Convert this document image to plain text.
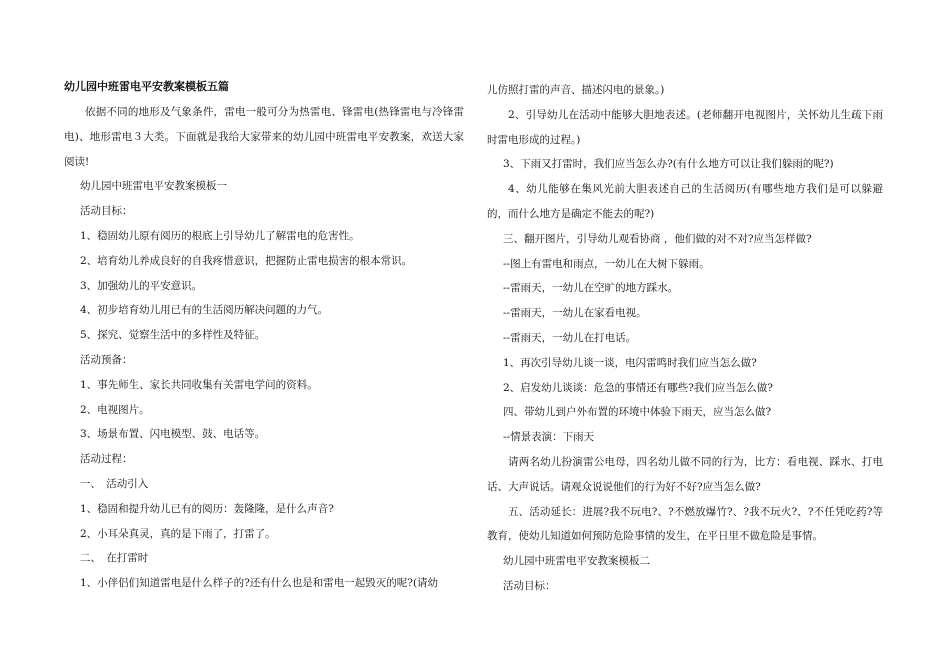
幼儿园中班雷电平安教案模板五篇

依据不同的地形及气象条件，雷电一般可分为热雷电、锋雷电(热锋雷电与冷锋雷电)、地形雷电３大类。下面就是我给大家带来的幼儿园中班雷电平安教案，欢送大家阅读!

幼儿园中班雷电平安教案模板一

活动目标：

1、稳固幼儿原有阅历的根底上引导幼儿了解雷电的危害性。

2、培育幼儿养成良好的自我疼惜意识，把握防止雷电损害的根本常识。

3、加强幼儿的平安意识。

4、初步培育幼儿用已有的生活阅历解决问题的力气。

5、探究、觉察生活中的多样性及特征。

活动预备：

1、事先师生、家长共同收集有关雷电学问的资料。

2、电视图片。

3、场景布置、闪电模型、鼓、电话等。

活动过程：

一、　活动引入

1、稳固和提升幼儿已有的阅历：轰隆隆，是什么声音?

2、小耳朵真灵，真的是下雨了，打雷了。

二、　在打雷时

1、小伴侣们知道雷电是什么样子的?还有什么也是和雷电一起毁灭的呢?(请幼

儿仿照打雷的声音、描述闪电的景象。)

2、引导幼儿在活动中能够大胆地表述。(老师翻开电视图片，关怀幼儿生疏下雨时雷电形成的过程。)

3、下雨又打雷时，我们应当怎么办?(有什么地方可以让我们躲雨的呢?)

4、幼儿能够在集风光前大胆表述自己的生活阅历(有哪些地方我们是可以躲避的，而什么地方是确定不能去的呢?)

三、翻开图片，引导幼儿观看协商 ，他们做的对不对?应当怎样做?

--图上有雷电和雨点，一幼儿在大树下躲雨。

--雷雨天，一幼儿在空旷的地方踩水。

--雷雨天，一幼儿在家看电视。

--雷雨天，一幼儿在打电话。

1、再次引导幼儿谈一谈，电闪雷鸣时我们应当怎么做?

2、启发幼儿谈谈：危急的事情还有哪些?我们应当怎么做?

四、带幼儿到户外布置的环境中体验下雨天，应当怎么做?

--情景表演：下雨天

请两名幼儿扮演雷公电母，四名幼儿做不同的行为，比方：看电视、踩水、打电话、大声说话。请观众说说他们的行为好不好?应当怎么做?

五、活动延长：进展?我不玩电?、?不燃放爆竹?、?我不玩火?、?不任凭吃药?等教育，使幼儿知道如何预防危险事情的发生，在平日里不做危险是事情。

幼儿园中班雷电平安教案模板二

活动目标：
